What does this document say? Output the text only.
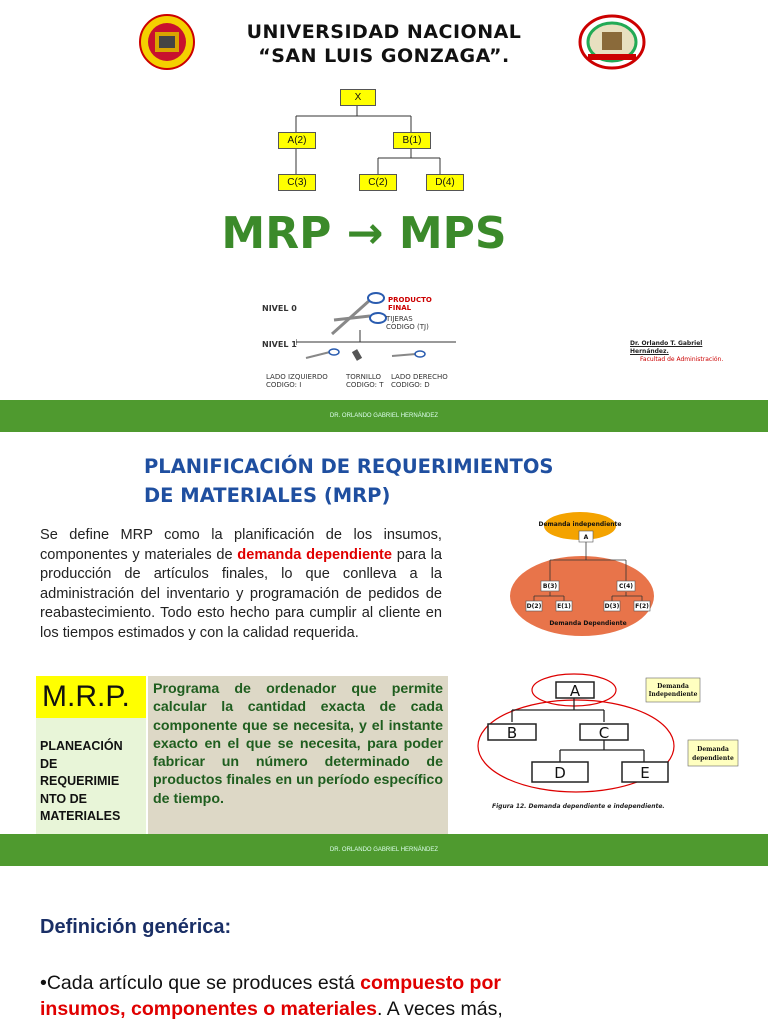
UNIVERSIDAD NACIONAL
“SAN LUIS GONZAGA”.
X
A(2)	B(1)
C(3)	C(2)	D(4)
MRP → MPS
NIVEL 0
NIVEL 1
PRODUCTO
FINAL
TIJERAS
CODIGO (TJ)
LADO IZQUIERDO
CODIGO: I
TORNILLO
CODIGO: T
LADO DERECHO
CODIGO: D
Dr. Orlando T. Gabriel
Hernández.
Facultad de Administración.
DR. ORLANDO GABRIEL HERNÁNDEZ
PLANIFICACIÓN DE REQUERIMIENTOS
DE MATERIALES (MRP)
Se define MRP como la planificación de los insumos, componentes y materiales de demanda dependiente para la producción de artículos finales, lo que conlleva a la administración del inventario y programación de pedidos de reabastecimiento. Todo esto hecho para cumplir al cliente en los tiempos estimados y con la calidad requerida.
M.R.P.
PLANEACIÓN
DE
REQUERIMIE
NTO DE
MATERIALES
Programa de ordenador que permite calcular la cantidad exacta de cada componente que se necesita, y el instante exacto en el que se necesita, para poder fabricar un número determinado de productos finales en un período específico de tiempo.
Demanda independiente
A
B(3)	C(4)
D(2)	E(1)	D(3)	F(2)
Demanda Dependiente
A
B	C
D	E
Demanda
Independiente
Demanda
dependiente
Figura 12. Demanda dependiente e independiente.
DR. ORLANDO GABRIEL HERNÁNDEZ
Definición genérica:
•Cada artículo que se produces está compuesto por
insumos, componentes o materiales. A veces más,
